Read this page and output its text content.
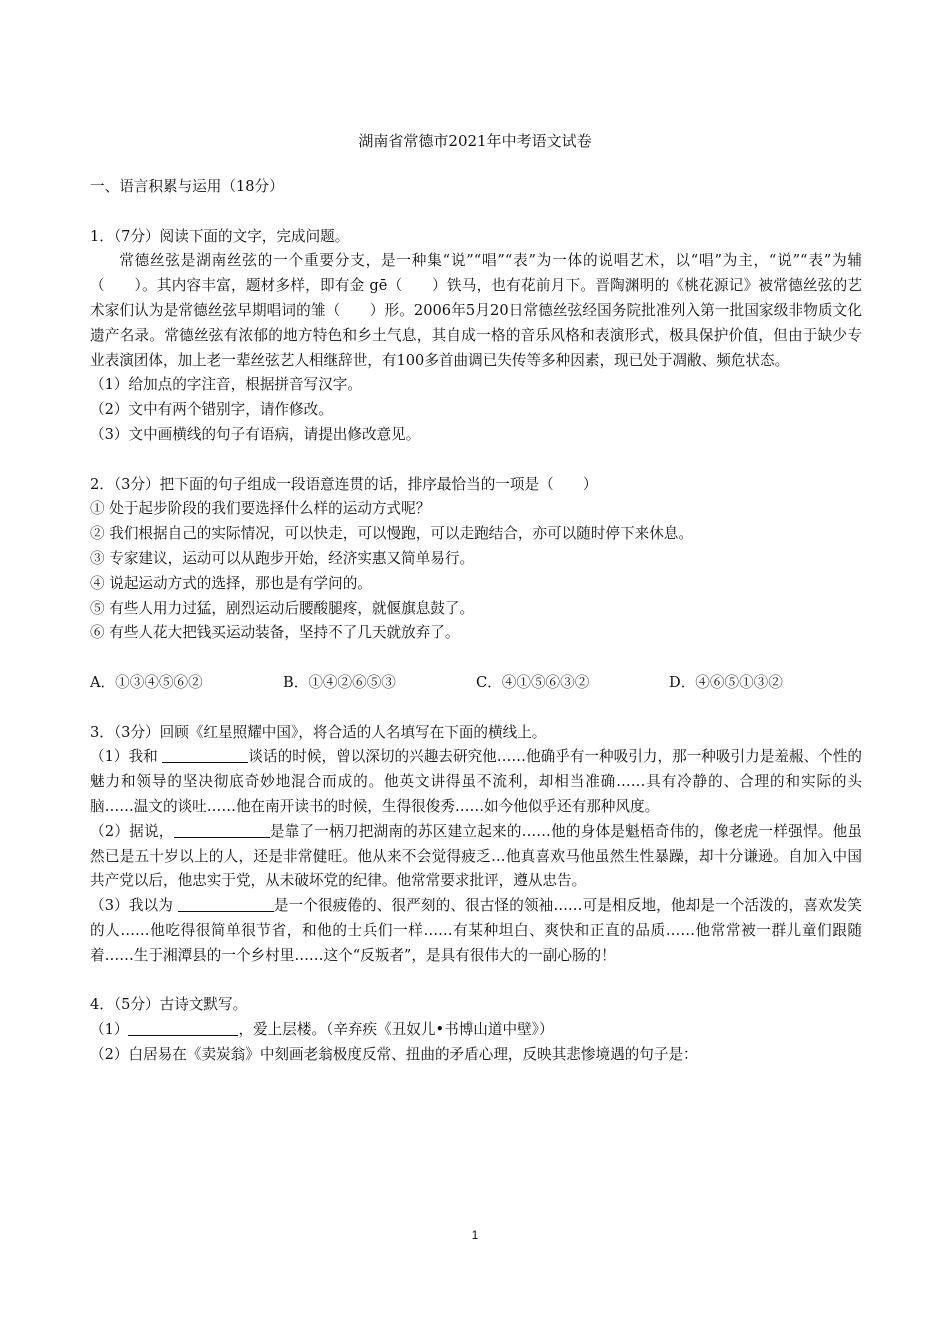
湖南省常德市2021年中考语文试卷

一、语言积累与运用（18分）

1．（7分）阅读下面的文字，完成问题。

常德丝弦是湖南丝弦的一个重要分支，是一种集“说”“唱”“表”为一体的说唱艺术，以“唱”为主，“说”“表”为辅（　　）。其内容丰富，题材多样，即有金 gē（　　）铁马，也有花前月下。晋陶渊明的《桃花源记》被常德丝弦的艺术家们认为是常德丝弦早期唱词的雏（　　）形。2006年5月20日常德丝弦经国务院批准列入第一批国家级非物质文化遗产名录。常德丝弦有浓郁的地方特色和乡土气息，其自成一格的音乐风格和表演形式，极具保护价值，但由于缺少专业表演团体，加上老一辈丝弦艺人相继辞世，有100多首曲调已失传等多种因素，现已处于凋敝、频危状态。

（1）给加点的字注音，根据拼音写汉字。

（2）文中有两个错别字，请作修改。

（3）文中画横线的句子有语病，请提出修改意见。

2．（3分）把下面的句子组成一段语意连贯的话，排序最恰当的一项是（　　）

① 处于起步阶段的我们要选择什么样的运动方式呢？

② 我们根据自己的实际情况，可以快走，可以慢跑，可以走跑结合，亦可以随时停下来休息。

③ 专家建议，运动可以从跑步开始，经济实惠又简单易行。

④ 说起运动方式的选择，那也是有学问的。

⑤ 有些人用力过猛，剧烈运动后腰酸腿疼，就偃旗息鼓了。

⑥ 有些人花大把钱买运动装备，坚持不了几天就放弃了。

A．①③④⑤⑥②	B．①④②⑥⑤③	C．④①⑤⑥③②	D．④⑥⑤①③②

3．（3分）回顾《红星照耀中国》，将合适的人名填写在下面的横线上。

（1）我和	谈话的时候，曾以深切的兴趣去研究他……他确乎有一种吸引力，那一种吸引力是羞赧、个性的魅力和领导的坚决彻底奇妙地混合而成的。他英文讲得虽不流利，却相当准确……具有冷静的、合理的和实际的头脑……温文的谈吐……他在南开读书的时候，生得很俊秀……如今他似乎还有那种风度。

（2）据说，	是靠了一柄刀把湖南的苏区建立起来的……他的身体是魁梧奇伟的，像老虎一样强悍。他虽然已是五十岁以上的人，还是非常健旺。他从来不会觉得疲乏…他真喜欢马他虽然生性暴躁，却十分谦逊。自加入中国共产党以后，他忠实于党，从未破坏党的纪律。他常常要求批评，遵从忠告。

（3）我以为	是一个很疲倦的、很严刻的、很古怪的领袖……可是相反地，他却是一个活泼的，喜欢发笑的人……他吃得很简单很节省，和他的士兵们一样……有某种坦白、爽快和正直的品质……他常常被一群儿童们跟随着……生于湘潭县的一个乡村里……这个“反叛者”，是具有很伟大的一副心肠的！

4．（5分）古诗文默写。

（1）	，爱上层楼。（辛弃疾《丑奴儿•书博山道中壁》）

（2）白居易在《卖炭翁》中刻画老翁极度反常、扭曲的矛盾心理，反映其悲惨境遇的句子是：

1
